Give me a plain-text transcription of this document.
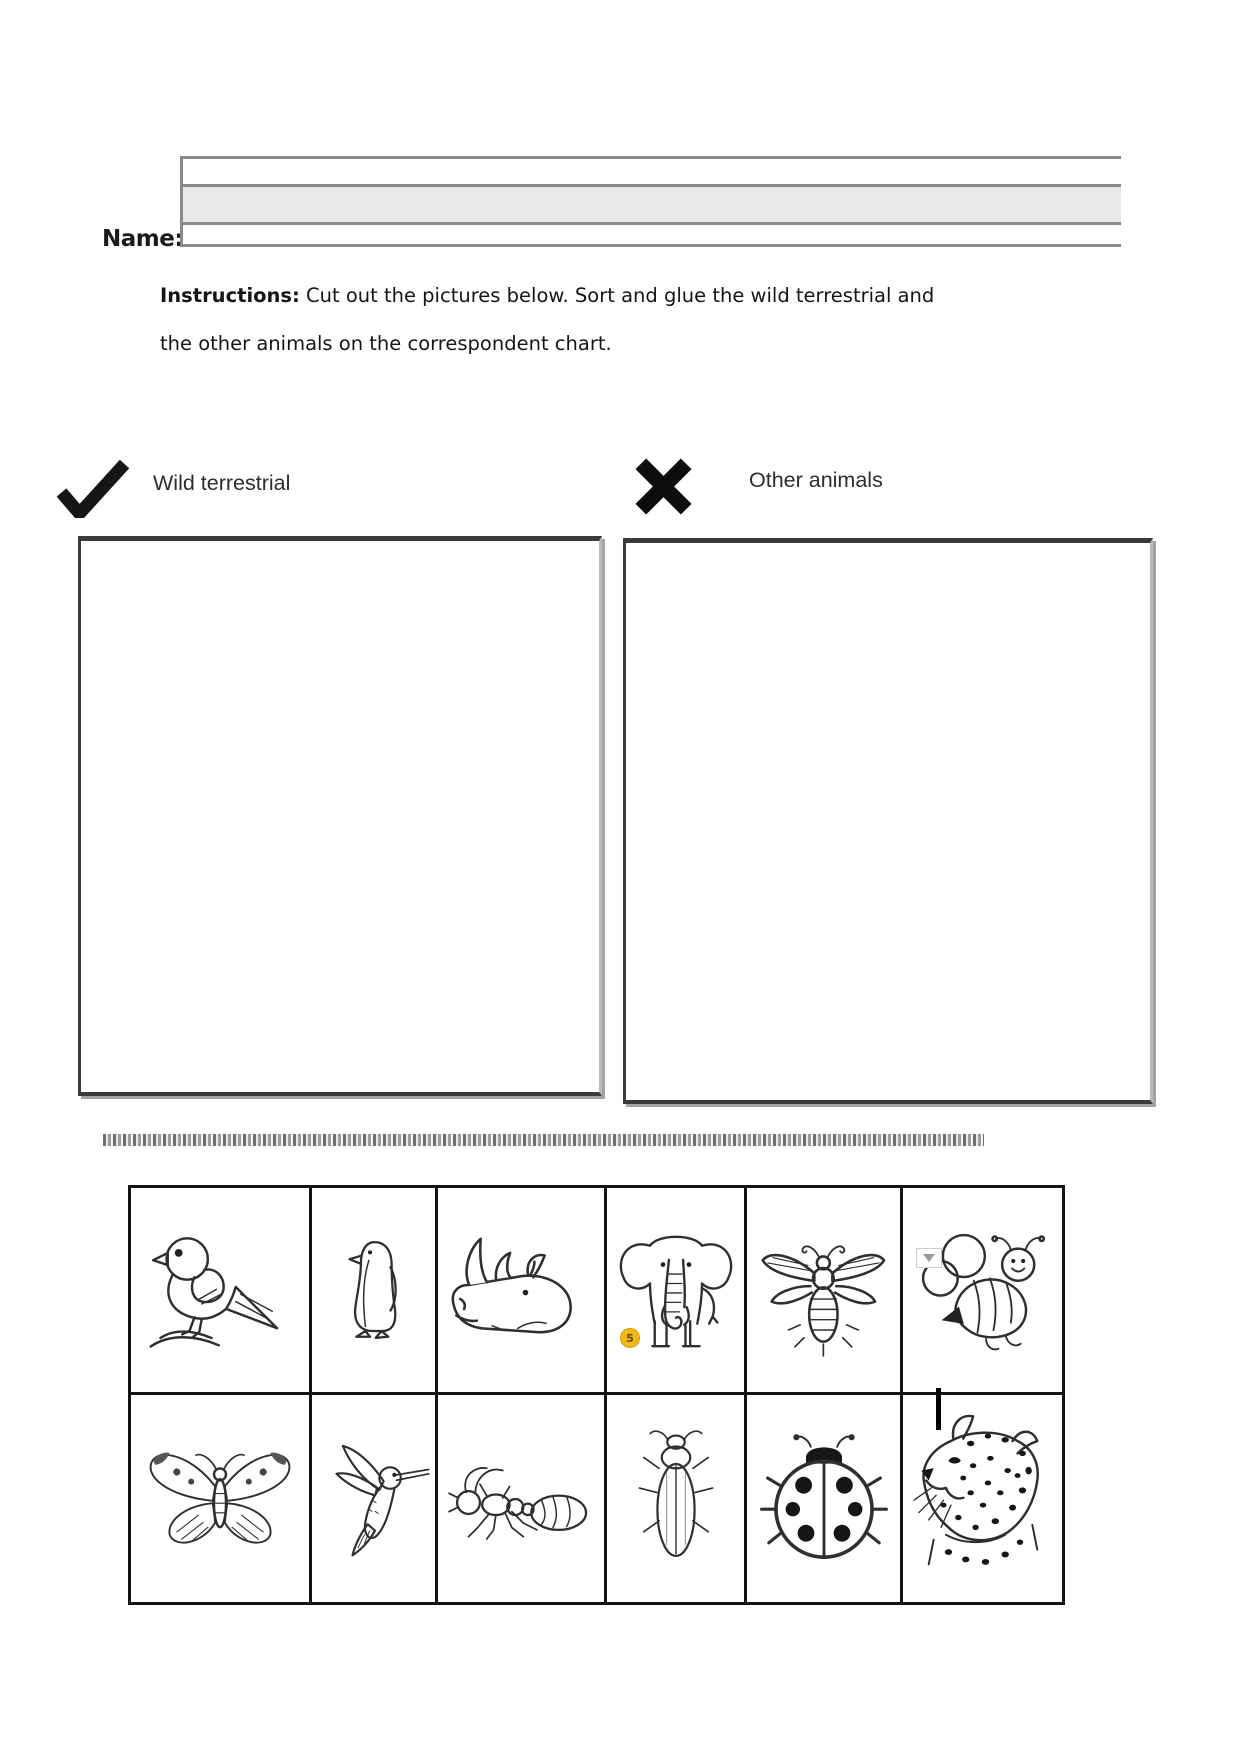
Name:
Instructions: Cut out the pictures below. Sort and glue the wild terrestrial and
the other animals on the correspondent chart.
Wild terrestrial	Other animals
5
